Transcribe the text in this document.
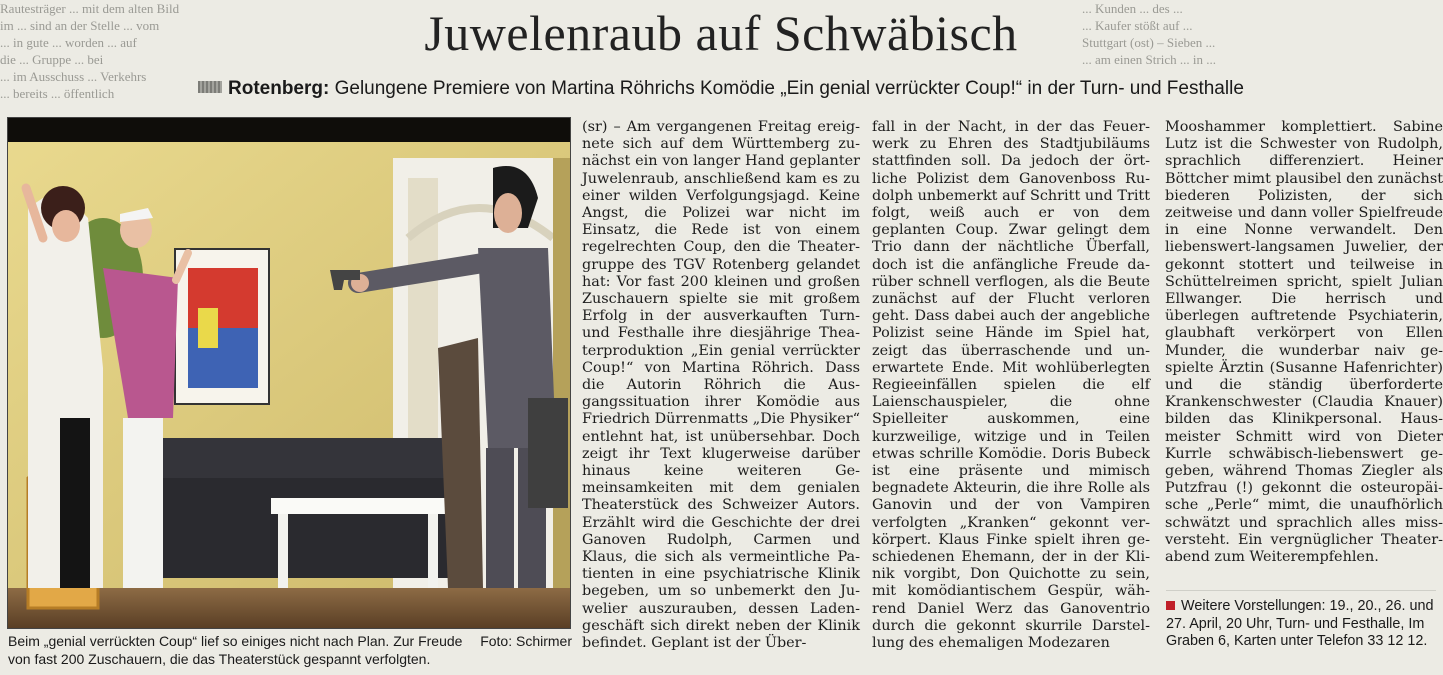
Rautesträger ... mit dem alten Bild
im ... sind an der Stelle ... vom
... in gute ... worden ... auf
die ... Gruppe ... bei
... im Ausschuss ... Verkehrs
... bereits ... öffentlich
... Kunden ... des ...
... Kaufer stößt auf ...
Stuttgart (ost) – Sieben ...
... am einen Strich ... in ...
Juwelenraub auf Schwäbisch
Rotenberg: Gelungene Premiere von Martina Röhrichs Komödie „Ein genial verrückter Coup!“ in der Turn- und Festhalle
Foto: Schirmer
Beim „genial verrückten Coup“ lief so einiges nicht nach Plan. Zur Freude von fast 200 Zuschauern, die das Theaterstück gespannt verfolgten.

(sr) – Am vergangenen Freitag ereignete sich auf dem Württemberg zunächst ein von langer Hand geplanter Juwelenraub, anschließend kam es zu einer wilden Verfolgungsjagd. Keine Angst, die Polizei war nicht im Einsatz, die Rede ist von einem regelrechten Coup, den die Theatergruppe des TGV Rotenberg gelandet hat: Vor fast 200 kleinen und großen Zuschauern spielte sie mit großem Erfolg in der ausverkauften Turn- und Festhalle ihre diesjährige Theaterproduktion „Ein genial verrückter Coup!“ von Martina Röhrich. Dass die Autorin Röhrich die Ausgangssituation ihrer Komödie aus Friedrich Dürrenmatts „Die Physiker“ entlehnt hat, ist unübersehbar. Doch zeigt ihr Text klugerweise darüber hinaus keine weiteren Gemeinsamkeiten mit dem genialen Theaterstück des Schweizer Autors. Erzählt wird die Geschichte der drei Ganoven Rudolph, Carmen und Klaus, die sich als vermeintliche Patienten in eine psychiatrische Klinik begeben, um so unbemerkt den Juwelier auszurauben, dessen Ladengeschäft sich direkt neben der Klinik befindet. Geplant ist der Über-

fall in der Nacht, in der das Feuerwerk zu Ehren des Stadtjubiläums stattfinden soll. Da jedoch der örtliche Polizist dem Ganovenboss Rudolph unbemerkt auf Schritt und Tritt folgt, weiß auch er von dem geplanten Coup. Zwar gelingt dem Trio dann der nächtliche Überfall, doch ist die anfängliche Freude darüber schnell verflogen, als die Beute zunächst auf der Flucht verloren geht. Dass dabei auch der angebliche Polizist seine Hände im Spiel hat, zeigt das überraschende und unerwartete Ende. Mit wohlüberlegten Regieeinfällen spielen die elf Laienschauspieler, die ohne Spielleiter auskommen, eine kurzweilige, witzige und in Teilen etwas schrille Komödie. Doris Bubeck ist eine präsente und mimisch begnadete Akteurin, die ihre Rolle als Ganovin und der von Vampiren verfolgten „Kranken“ gekonnt verkörpert. Klaus Finke spielt ihren geschiedenen Ehemann, der in der Klinik vorgibt, Don Quichotte zu sein, mit komödiantischem Gespür, während Daniel Werz das Ganoventrio durch die gekonnt skurrile Darstellung des ehemaligen Modezaren

Mooshammer komplettiert. Sabine Lutz ist die Schwester von Rudolph, sprachlich differenziert. Heiner Böttcher mimt plausibel den zunächst biederen Polizisten, der sich zeitweise und dann voller Spielfreude in eine Nonne verwandelt. Den liebenswert-langsamen Juwelier, der gekonnt stottert und teilweise in Schüttelreimen spricht, spielt Julian Ellwanger. Die herrisch und überlegen auftretende Psychiaterin, glaubhaft verkörpert von Ellen Munder, die wunderbar naiv gespielte Ärztin (Susanne Hafenrichter) und die ständig überforderte Krankenschwester (Claudia Knauer) bilden das Klinikpersonal. Hausmeister Schmitt wird von Dieter Kurrle schwäbisch-liebenswert gegeben, während Thomas Ziegler als Putzfrau (!) gekonnt die osteuropäische „Perle“ mimt, die unaufhörlich schwätzt und sprachlich alles missversteht. Ein vergnüglicher Theaterabend zum Weiterempfehlen.

Weitere Vorstellungen: 19., 20., 26. und 27. April, 20 Uhr, Turn- und Festhalle, Im Graben 6, Karten unter Telefon 33 12 12.
